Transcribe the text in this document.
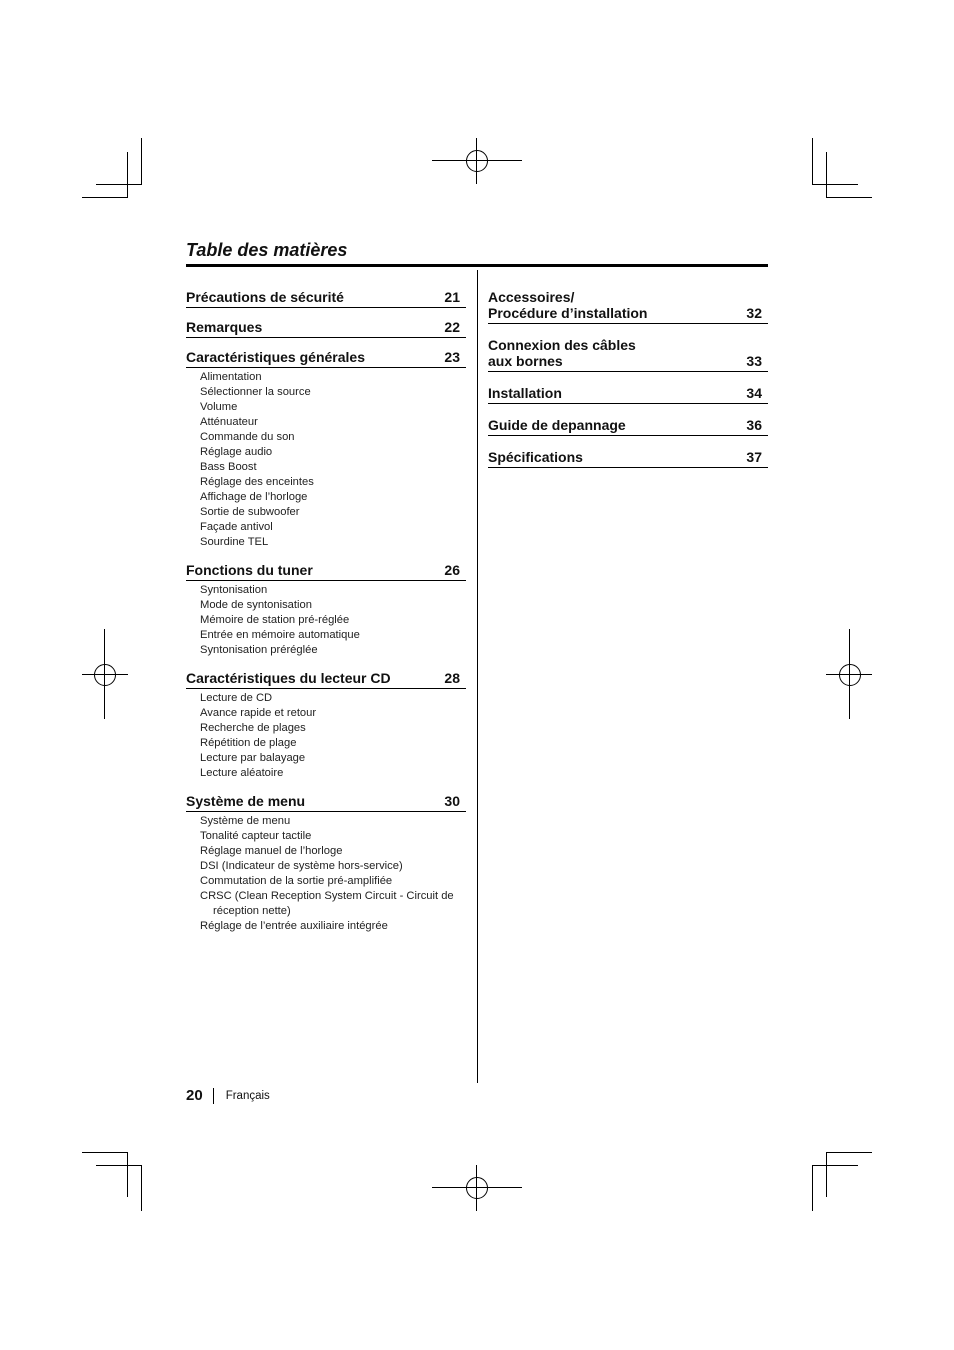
Table des matières
Précautions de sécurité	21
Remarques	22
Caractéristiques générales	23
Alimentation
Sélectionner la source
Volume
Atténuateur
Commande du son
Réglage audio
Bass Boost
Réglage des enceintes
Affichage de l’horloge
Sortie de subwoofer
Façade antivol
Sourdine TEL
Fonctions du tuner	26
Syntonisation
Mode de syntonisation
Mémoire de station pré-réglée
Entrée en mémoire automatique
Syntonisation préréglée
Caractéristiques du lecteur CD	28
Lecture de CD
Avance rapide et retour
Recherche de plages
Répétition de plage
Lecture par balayage
Lecture aléatoire
Système de menu	30
Système de menu
Tonalité capteur tactile
Réglage manuel de l’horloge
DSI (Indicateur de système hors-service)
Commutation de la sortie pré-amplifiée
CRSC (Clean Reception System Circuit - Circuit de réception nette)
Réglage de l’entrée auxiliaire intégrée
Accessoires/
Procédure d’installation	32
Connexion des câbles
aux bornes	33
Installation	34
Guide de depannage	36
Spécifications	37
20 Français
